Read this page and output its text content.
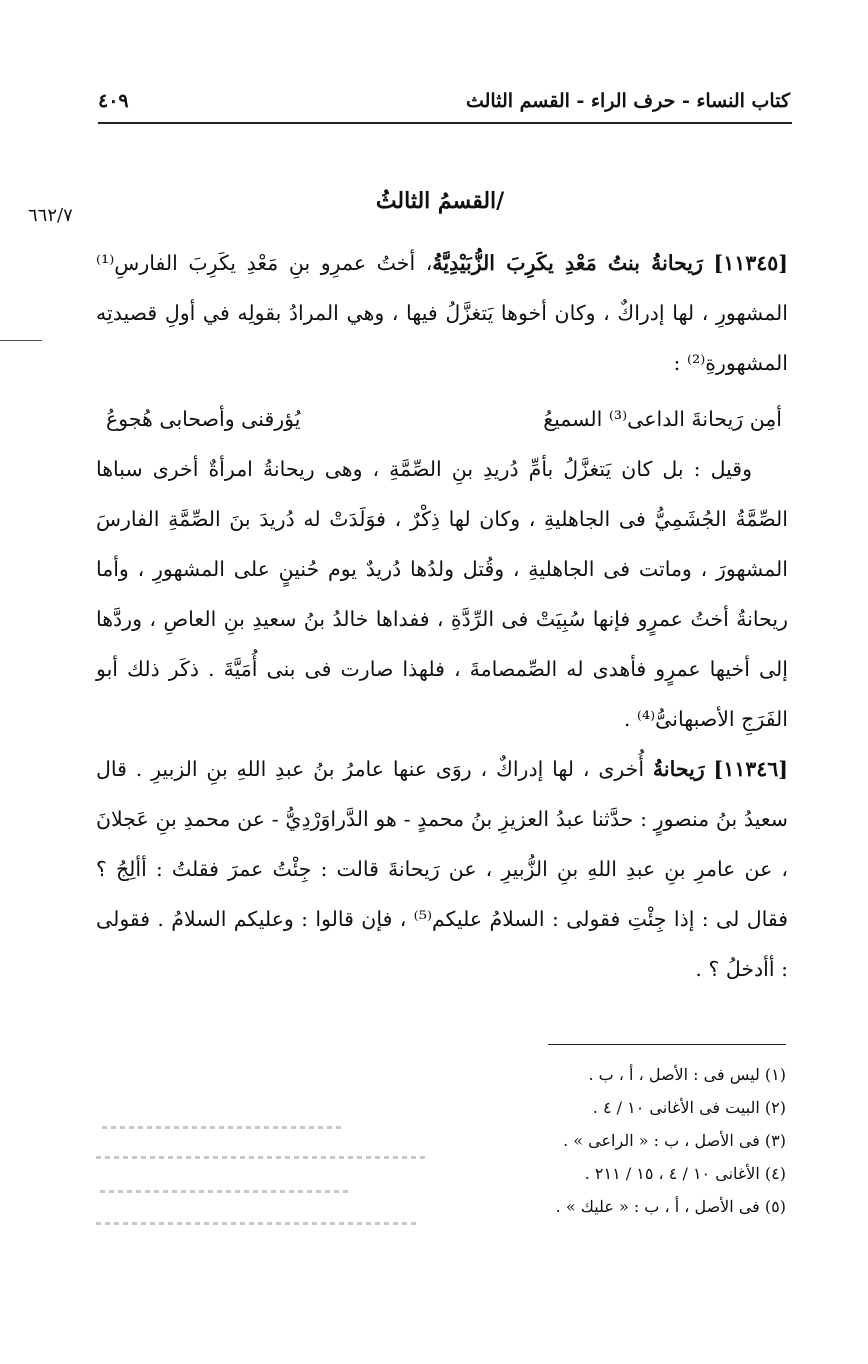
كتاب النساء - حرف الراء - القسم الثالث
٤٠٩
٦٦٢/٧
/القسمُ الثالثُ

[١١٣٤٥] رَيحانةُ بنتُ مَعْدِ يكَرِبَ الزُّبَيْدِيَّةُ، أختُ عمرِو بنِ مَعْدِ يكَرِبَ الفارسِ⁽¹⁾ المشهورِ ، لها إدراكٌ ، وكان أخوها يَتغزَّلُ فيها ، وهي المرادُ بقولِه في أولِ قصيدتِه المشهورةِ⁽²⁾ :

أمِن رَيحانةَ الداعى⁽³⁾ السميعُ
يُؤرقنى وأصحابى هُجوعُ

وقيل : بل كان يَتغزَّلُ بأمِّ دُريدِ بنِ الصِّمَّةِ ، وهى ريحانةُ امرأةٌ أخرى سباها الصِّمَّةُ الجُشَمِيُّ فى الجاهليةِ ، وكان لها ذِكْرٌ ، فوَلَدَتْ له دُريدَ بنَ الصِّمَّةِ الفارسَ المشهورَ ، وماتت فى الجاهليةِ ، وقُتل ولدُها دُريدٌ يوم حُنينٍ على المشهورِ ، وأما ريحانةُ أختُ عمرٍو فإنها سُبِيَتْ فى الرِّدَّةِ ، ففداها خالدُ بنُ سعيدِ بنِ العاصِ ، وردَّها إلى أخيها عمرٍو فأهدى له الصِّمصامةَ ، فلهذا صارت فى بنى أُمَيَّةَ . ذكَر ذلك أبو الفَرَجِ الأصبهانىُّ⁽⁴⁾ .

[١١٣٤٦] رَيحانةُ أُخرى ، لها إدراكٌ ، روَى عنها عامرُ بنُ عبدِ اللهِ بنِ الزبيرِ . قال سعيدُ بنُ منصورٍ : حدَّثنا عبدُ العزيزِ بنُ محمدٍ - هو الدَّراوَرْدِيُّ - عن محمدِ بنِ عَجلانَ ، عن عامرِ بنِ عبدِ اللهِ بنِ الزُّبيرِ ، عن رَيحانةَ قالت : جِئْتُ عمرَ فقلتُ : أألِجُ ؟ فقال لى : إذا جِئْتِ فقولى : السلامُ عليكم⁽⁵⁾ ، فإن قالوا : وعليكم السلامُ . فقولى : أأدخلُ ؟ .

(١) ليس فى : الأصل ، أ ، ب .
(٢) البيت فى الأغانى ١٠ / ٤ .
(٣) فى الأصل ، ب : « الراعى » .
(٤) الأغانى ١٠ / ٤ ، ١٥ / ٢١١ .
(٥) فى الأصل ، أ ، ب : « عليك » .
